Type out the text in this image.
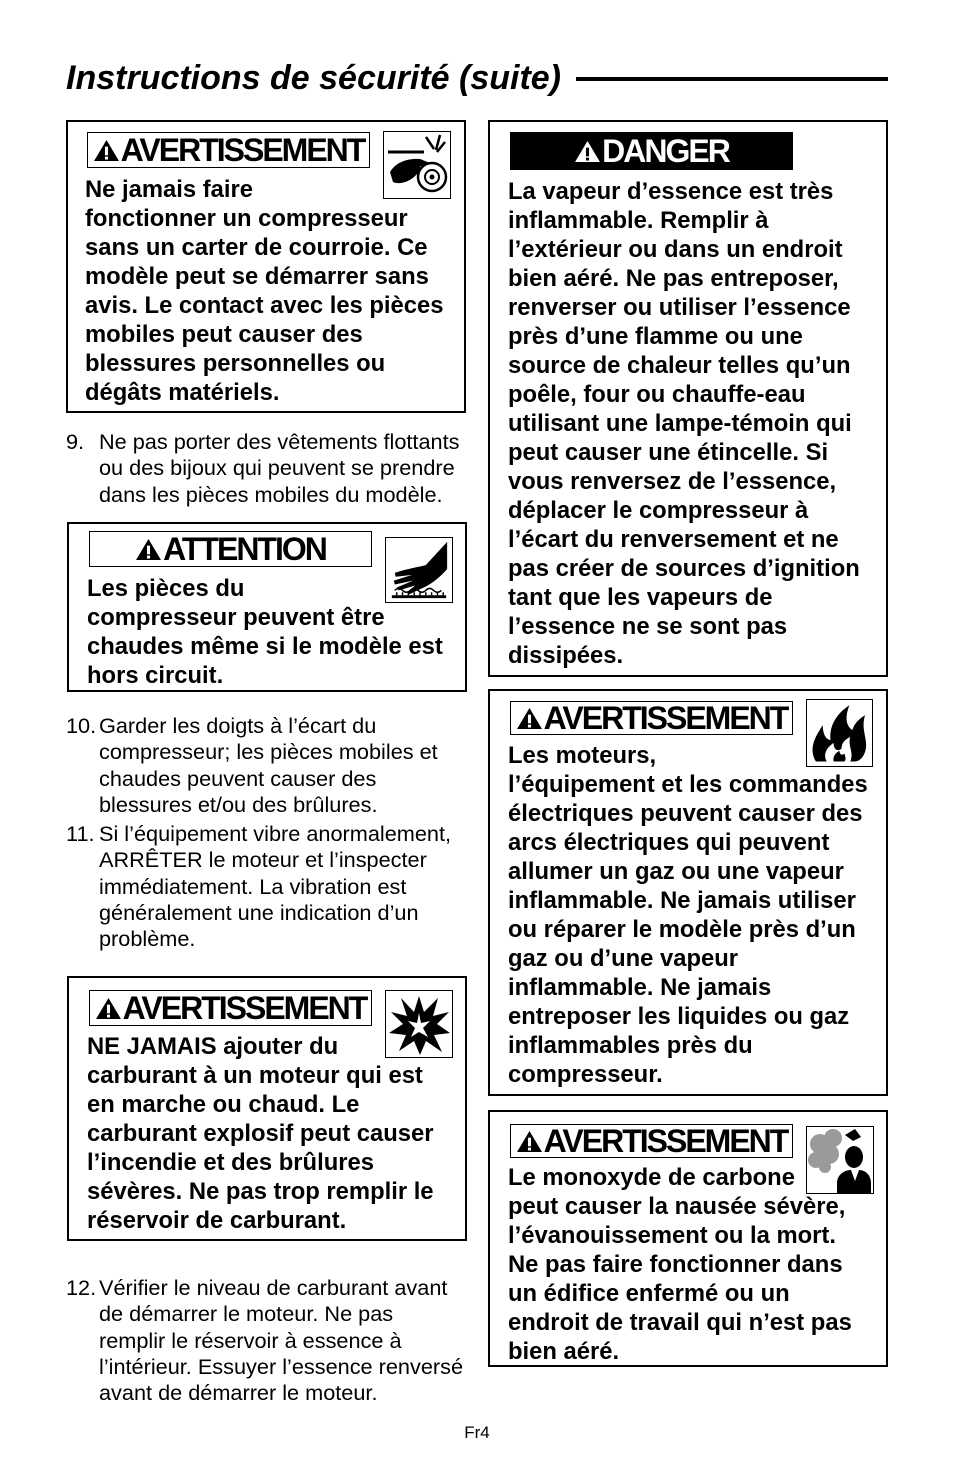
Instructions de sécurité (suite)
AVERTISSEMENT
Ne jamais faire
fonctionner un compresseur
sans un carter de courroie. Ce
modèle peut se démarrer sans
avis. Le contact avec les pièces
mobiles peut causer des
blessures personnelles ou
dégâts matériels.
9. Ne pas porter des vêtements flottants
ou des bijoux qui peuvent se prendre
dans les pièces mobiles du modèle.
ATTENTION
Les pièces du
compresseur peuvent être
chaudes même si le modèle est
hors circuit.
10. Garder les doigts à l’écart du
compresseur; les pièces mobiles et
chaudes peuvent causer des
blessures et/ou des brûlures.
11. Si l’équipement vibre anormalement,
ARRÊTER le moteur et l’inspecter
immédiatement. La vibration est
généralement une indication d’un
problème.
AVERTISSEMENT
NE JAMAIS ajouter du
carburant à un moteur qui est
en marche ou chaud. Le
carburant explosif peut causer
l’incendie et des brûlures
sévères. Ne pas trop remplir le
réservoir de carburant.
12. Vérifier le niveau de carburant avant
de démarrer le moteur. Ne pas
remplir le réservoir à essence à
l’intérieur. Essuyer l’essence renversé
avant de démarrer le moteur.
DANGER
La vapeur d’essence est très
inflammable. Remplir à
l’extérieur ou dans un endroit
bien aéré. Ne pas entreposer,
renverser ou utiliser l’essence
près d’une flamme ou une
source de chaleur telles qu’un
poêle, four ou chauffe-eau
utilisant une lampe-témoin qui
peut causer une étincelle. Si
vous renversez de l’essence,
déplacer le compresseur à
l’écart du renversement et ne
pas créer de sources d’ignition
tant que les vapeurs de
l’essence ne se sont pas
dissipées.
AVERTISSEMENT
Les moteurs,
l’équipement et les commandes
électriques peuvent causer des
arcs électriques qui peuvent
allumer un gaz ou une vapeur
inflammable. Ne jamais utiliser
ou réparer le modèle près d’un
gaz ou d’une vapeur
inflammable. Ne jamais
entreposer les liquides ou gaz
inflammables près du
compresseur.
AVERTISSEMENT
Le monoxyde de carbone
peut causer la nausée sévère,
l’évanouissement ou la mort.
Ne pas faire fonctionner dans
un édifice enfermé ou un
endroit de travail qui n’est pas
bien aéré.
Fr4
